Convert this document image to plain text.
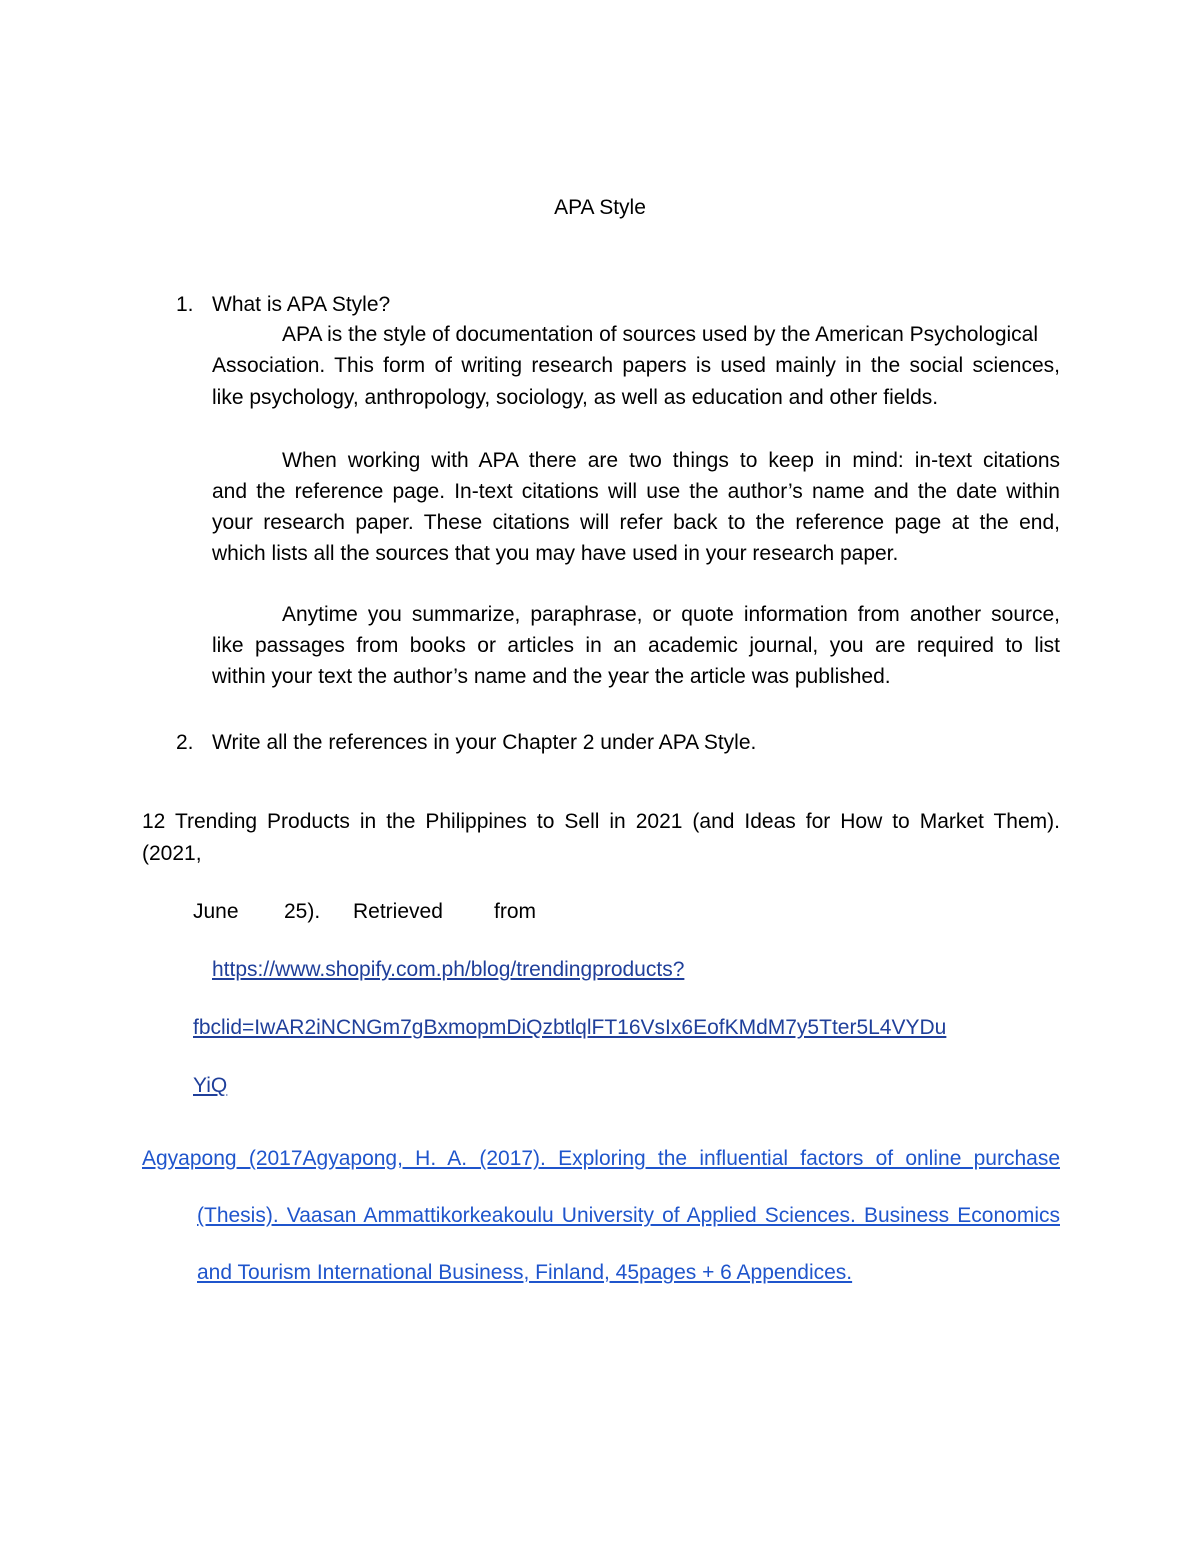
APA Style

1. What is APA Style?
APA is the style of documentation of sources used by the American Psychological
Association. This form of writing research papers is used mainly in the social sciences,
like psychology, anthropology, sociology, as well as education and other fields.
When working with APA there are two things to keep in mind: in-text citations
and the reference page. In-text citations will use the author’s name and the date within
your research paper. These citations will refer back to the reference page at the end,
which lists all the sources that you may have used in your research paper.
Anytime you summarize, paraphrase, or quote information from another source,
like passages from books or articles in an academic journal, you are required to list
within your text the author’s name and the year the article was published.
2. Write all the references in your Chapter 2 under APA Style.
12 Trending Products in the Philippines to Sell in 2021 (and Ideas for How to Market Them).
(2021,
June 25). Retrieved from
https://www.shopify.com.ph/blog/trendingproducts?
fbclid=IwAR2iNCNGm7gBxmopmDiQzbtlqlFT16VsIx6EofKMdM7y5Tter5L4VYDu
YiQ
Agyapong (2017Agyapong, H. A. (2017). Exploring the influential factors of online purchase
(Thesis). Vaasan Ammattikorkeakoulu University of Applied Sciences. Business Economics
and Tourism International Business, Finland, 45pages + 6 Appendices.
